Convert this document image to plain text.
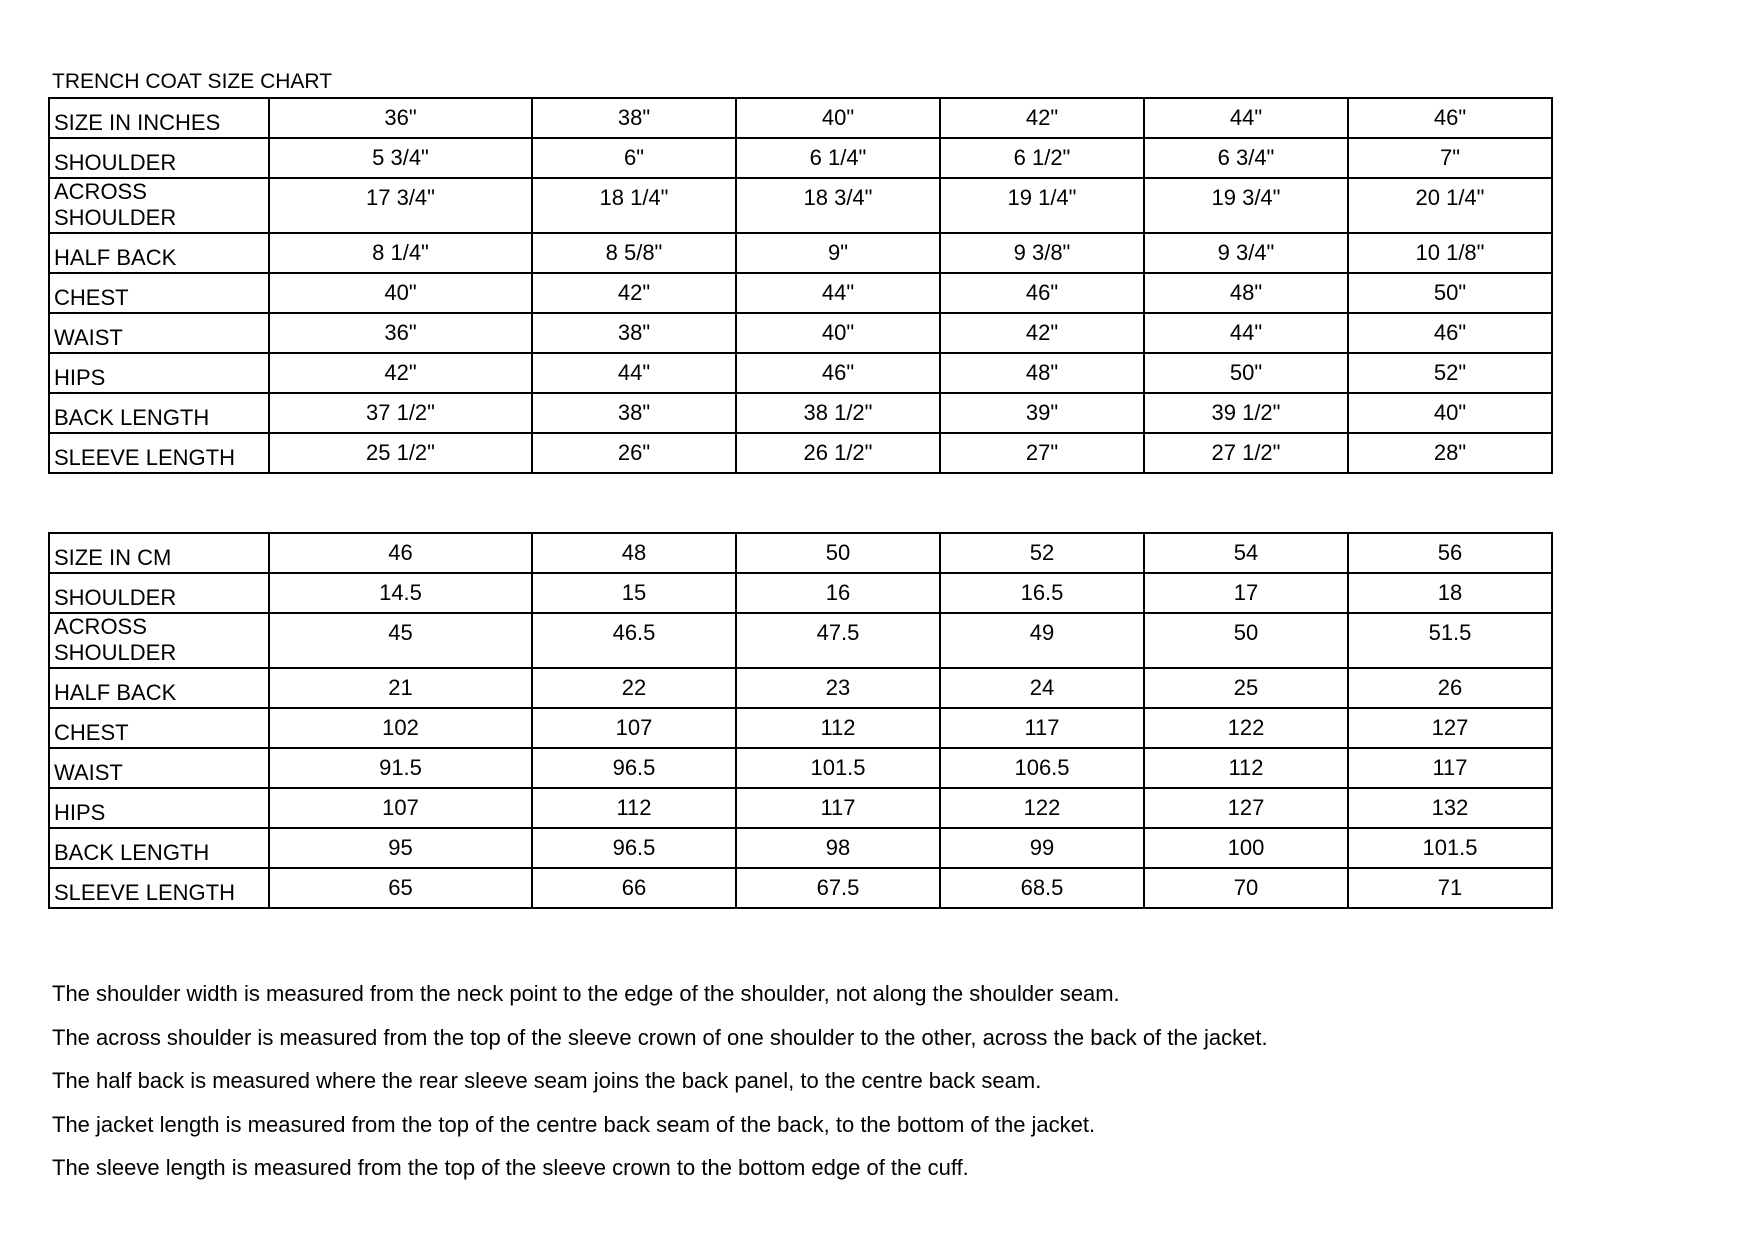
TRENCH COAT SIZE CHART
SIZE IN INCHES	36"	38"	40"	42"	44"	46"
SHOULDER	5 3/4"	6"	6 1/4"	6 1/2"	6 3/4"	7"
ACROSS SHOULDER	17 3/4"	18 1/4"	18 3/4"	19 1/4"	19 3/4"	20 1/4"
HALF BACK	8 1/4"	8 5/8"	9"	9 3/8"	9 3/4"	10 1/8"
CHEST	40"	42"	44"	46"	48"	50"
WAIST	36"	38"	40"	42"	44"	46"
HIPS	42"	44"	46"	48"	50"	52"
BACK LENGTH	37 1/2"	38"	38 1/2"	39"	39 1/2"	40"
SLEEVE LENGTH	25 1/2"	26"	26 1/2"	27"	27 1/2"	28"
SIZE IN CM	46	48	50	52	54	56
SHOULDER	14.5	15	16	16.5	17	18
ACROSS SHOULDER	45	46.5	47.5	49	50	51.5
HALF BACK	21	22	23	24	25	26
CHEST	102	107	112	117	122	127
WAIST	91.5	96.5	101.5	106.5	112	117
HIPS	107	112	117	122	127	132
BACK LENGTH	95	96.5	98	99	100	101.5
SLEEVE LENGTH	65	66	67.5	68.5	70	71

The shoulder width is measured from the neck point to the edge of the shoulder, not along the shoulder seam.

The across shoulder is measured from the top of the sleeve crown of one shoulder to the other, across the back of the jacket.

The half back is measured where the rear sleeve seam joins the back panel, to the centre back seam.

The jacket length is measured from the top of the centre back seam of the back, to the bottom of the jacket.

The sleeve length is measured from the top of the sleeve crown to the bottom edge of the cuff.
